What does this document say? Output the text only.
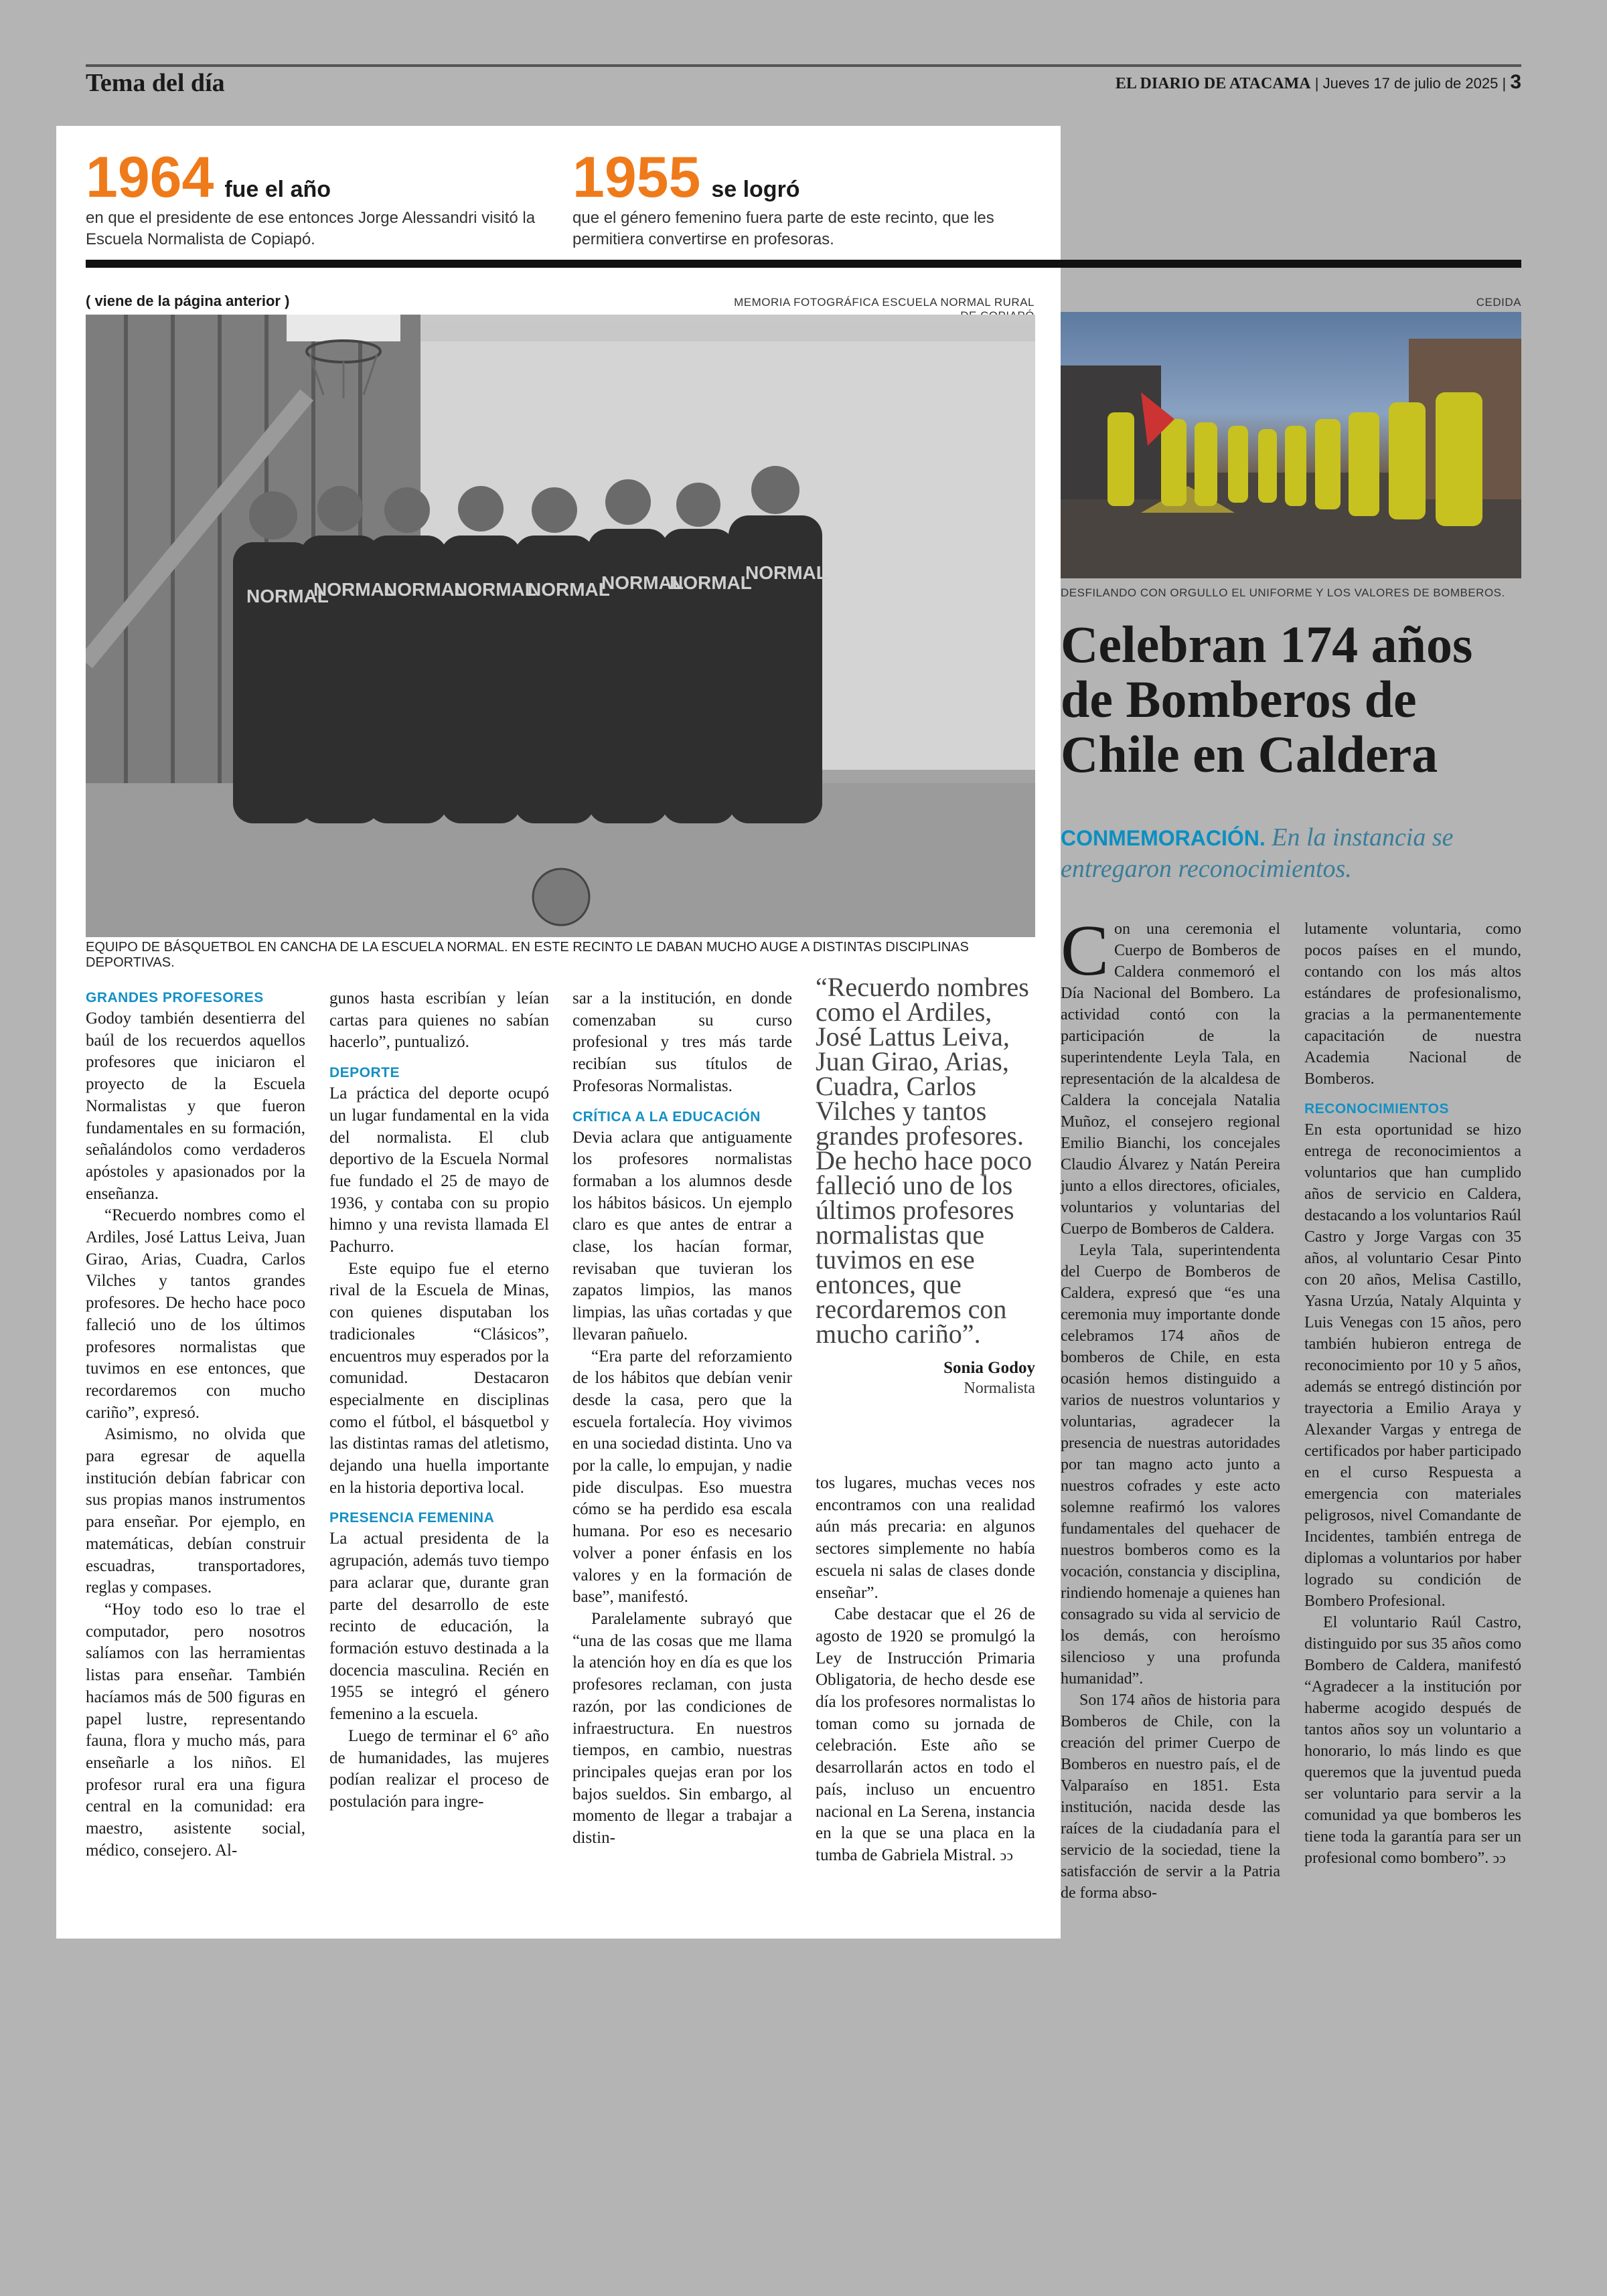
Tema del día	EL DIARIO DE ATACAMA | Jueves 17 de julio de 2025 | 3
1964 fue el año
en que el presidente de ese entonces Jorge Alessandri visitó la Escuela Normalista de Copiapó.
1955 se logró
que el género femenino fuera parte de este recinto, que les permitiera convertirse en profesoras.
( viene de la página anterior )	MEMORIA FOTOGRÁFICA ESCUELA NORMAL RURAL	CEDIDA
NORMAL
NORMAL
NORMAL
NORMAL
NORMAL
NORMAL
NORMAL
NORMAL
EQUIPO DE BÁSQUETBOL EN CANCHA DE LA ESCUELA NORMAL. EN ESTE RECINTO LE DABAN MUCHO AUGE A DISTINTAS DISCIPLINAS DEPORTIVAS.
DESFILANDO CON ORGULLO EL UNIFORME Y LOS VALORES DE BOMBEROS.
Celebran 174 años de Bomberos de Chile en Caldera
CONMEMORACIÓN. En la instancia se entregaron reconocimientos.

GRANDES PROFESORES

Godoy también desentierra del baúl de los recuerdos aquellos profesores que iniciaron el proyecto de la Escuela Normalistas y que fueron fundamentales en su formación, señalándolos como verdaderos apóstoles y apasionados por la enseñanza.

“Recuerdo nombres como el Ardiles, José Lattus Leiva, Juan Girao, Arias, Cuadra, Carlos Vilches y tantos grandes profesores. De hecho hace poco falleció uno de los últimos profesores normalistas que tuvimos en ese entonces, que recordaremos con mucho cariño”, expresó.

Asimismo, no olvida que para egresar de aquella institución debían fabricar con sus propias manos instrumentos para enseñar. Por ejemplo, en matemáticas, debían construir escuadras, transportadores, reglas y compases.

“Hoy todo eso lo trae el computador, pero nosotros salíamos con las herramientas listas para enseñar. También hacíamos más de 500 figuras en papel lustre, representando fauna, flora y mucho más, para enseñarle a los niños. El profesor rural era una figura central en la comunidad: era maestro, asistente social, médico, consejero. Al-

gunos hasta escribían y leían cartas para quienes no sabían hacerlo”, puntualizó.

DEPORTE

La práctica del deporte ocupó un lugar fundamental en la vida del normalista. El club deportivo de la Escuela Normal fue fundado el 25 de mayo de 1936, y contaba con su propio himno y una revista llamada El Pachurro.

Este equipo fue el eterno rival de la Escuela de Minas, con quienes disputaban los tradicionales “Clásicos”, encuentros muy esperados por la comunidad. Destacaron especialmente en disciplinas como el fútbol, el básquetbol y las distintas ramas del atletismo, dejando una huella importante en la historia deportiva local.

PRESENCIA FEMENINA

La actual presidenta de la agrupación, además tuvo tiempo para aclarar que, durante gran parte del desarrollo de este recinto de educación, la formación estuvo destinada a la docencia masculina. Recién en 1955 se integró el género femenino a la escuela.

Luego de terminar el 6° año de humanidades, las mujeres podían realizar el proceso de postulación para ingre-

sar a la institución, en donde comenzaban su curso profesional y tres más tarde recibían sus títulos de Profesoras Normalistas.

CRÍTICA A LA EDUCACIÓN

Devia aclara que antiguamente los profesores normalistas formaban a los alumnos desde los hábitos básicos. Un ejemplo claro es que antes de entrar a clase, los hacían formar, revisaban que tuvieran los zapatos limpios, las manos limpias, las uñas cortadas y que llevaran pañuelo.

“Era parte del reforzamiento de los hábitos que debían venir desde la casa, pero que la escuela fortalecía. Hoy vivimos en una sociedad distinta. Uno va por la calle, lo empujan, y nadie pide disculpas. Eso muestra cómo se ha perdido esa escala humana. Por eso es necesario volver a poner énfasis en los valores y en la formación de base”, manifestó.

Paralelamente subrayó que “una de las cosas que me llama la atención hoy en día es que los profesores reclaman, con justa razón, por las condiciones de infraestructura. En nuestros tiempos, en cambio, nuestras principales quejas eran por los bajos sueldos. Sin embargo, al momento de llegar a trabajar a distin-

“Recuerdo nombres como el Ardiles, José Lattus Leiva, Juan Girao, Arias, Cuadra, Carlos Vilches y tantos grandes profesores. De hecho hace poco falleció uno de los últimos profesores normalistas que tuvimos en ese entonces, que recordaremos con mucho cariño”.
Sonia Godoy
Normalista

tos lugares, muchas veces nos encontramos con una realidad aún más precaria: en algunos sectores simplemente no había escuela ni salas de clases donde enseñar”.

Cabe destacar que el 26 de agosto de 1920 se promulgó la Ley de Instrucción Primaria Obligatoria, de hecho desde ese día los profesores normalistas lo toman como su jornada de celebración. Este año se desarrollarán actos en todo el país, incluso un encuentro nacional en La Serena, instancia en la que se una placa en la tumba de Gabriela Mistral. ↄↄ

Con una ceremonia el Cuerpo de Bomberos de Caldera conmemoró el Día Nacional del Bombero. La actividad contó con la participación de la superintendente Leyla Tala, en representación de la alcaldesa de Caldera la concejala Natalia Muñoz, el consejero regional Emilio Bianchi, los concejales Claudio Álvarez y Natán Pereira junto a ellos directores, oficiales, voluntarios y voluntarias del Cuerpo de Bomberos de Caldera.

Leyla Tala, superintendenta del Cuerpo de Bomberos de Caldera, expresó que “es una ceremonia muy importante donde celebramos 174 años de bomberos de Chile, en esta ocasión hemos distinguido a varios de nuestros voluntarios y voluntarias, agradecer la presencia de nuestras autoridades por tan magno acto junto a nuestros cofrades y este acto solemne reafirmó los valores fundamentales del quehacer de nuestros bomberos como es la vocación, constancia y disciplina, rindiendo homenaje a quienes han consagrado su vida al servicio de los demás, con heroísmo silencioso y una profunda humanidad”.

Son 174 años de historia para Bomberos de Chile, con la creación del primer Cuerpo de Bomberos en nuestro país, el de Valparaíso en 1851. Esta institución, nacida desde las raíces de la ciudadanía para el servicio de la sociedad, tiene la satisfacción de servir a la Patria de forma abso-

lutamente voluntaria, como pocos países en el mundo, contando con los más altos estándares de profesionalismo, gracias a la permanentemente capacitación de nuestra Academia Nacional de Bomberos.

RECONOCIMIENTOS

En esta oportunidad se hizo entrega de reconocimientos a voluntarios que han cumplido años de servicio en Caldera, destacando a los voluntarios Raúl Castro y Jorge Vargas con 35 años, al voluntario Cesar Pinto con 20 años, Melisa Castillo, Yasna Urzúa, Nataly Alquinta y Luis Venegas con 15 años, pero también hubieron entrega de reconocimiento por 10 y 5 años, además se entregó distinción por trayectoria a Emilio Araya y Alexander Vargas y entrega de certificados por haber participado en el curso Respuesta a emergencia con materiales peligrosos, nivel Comandante de Incidentes, también entrega de diplomas a voluntarios por haber logrado su condición de Bombero Profesional.

El voluntario Raúl Castro, distinguido por sus 35 años como Bombero de Caldera, manifestó “Agradecer a la institución por haberme acogido después de tantos años soy un voluntario a honorario, lo más lindo es que queremos que la juventud pueda ser voluntario para servir a la comunidad ya que bomberos les tiene toda la garantía para ser un profesional como bombero”. ↄↄ
